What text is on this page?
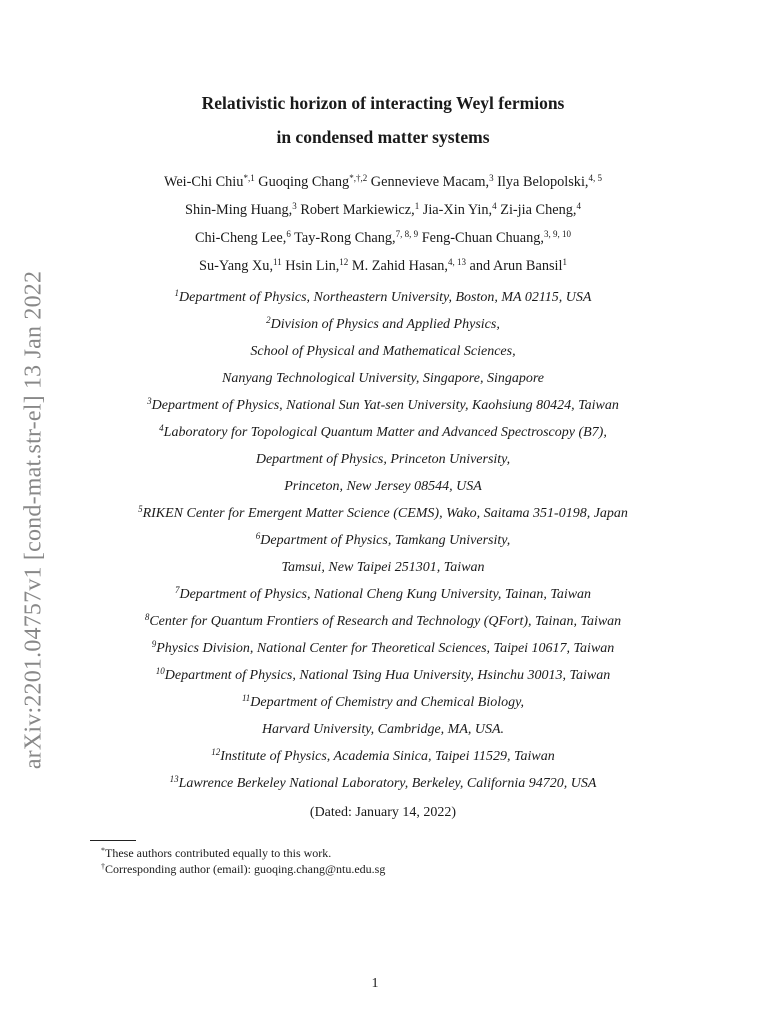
arXiv:2201.04757v1 [cond-mat.str-el] 13 Jan 2022
Relativistic horizon of interacting Weyl fermions
in condensed matter systems
Wei-Chi Chiu$^{*,1}$ Guoqing Chang$^{*,\dagger,2}$ Gennevieve Macam,$^3$ Ilya Belopolski,$^{4, 5}$
Shin-Ming Huang,$^3$ Robert Markiewicz,$^1$ Jia-Xin Yin,$^4$ Zi-jia Cheng,$^4$
Chi-Cheng Lee,$^6$ Tay-Rong Chang,$^{7, 8, 9}$ Feng-Chuan Chuang,$^{3, 9, 10}$
Su-Yang Xu,$^{11}$ Hsin Lin,$^{12}$ M. Zahid Hasan,$^{4, 13}$ and Arun Bansil$^1$
$^1$Department of Physics, Northeastern University, Boston, MA 02115, USA
$^2$Division of Physics and Applied Physics,
School of Physical and Mathematical Sciences,
Nanyang Technological University, Singapore, Singapore
$^3$Department of Physics, National Sun Yat-sen University, Kaohsiung 80424, Taiwan
$^4$Laboratory for Topological Quantum Matter and Advanced Spectroscopy (B7),
Department of Physics, Princeton University,
Princeton, New Jersey 08544, USA
$^5$RIKEN Center for Emergent Matter Science (CEMS), Wako, Saitama 351-0198, Japan
$^6$Department of Physics, Tamkang University,
Tamsui, New Taipei 251301, Taiwan
$^7$Department of Physics, National Cheng Kung University, Tainan, Taiwan
$^8$Center for Quantum Frontiers of Research and Technology (QFort), Tainan, Taiwan
$^9$Physics Division, National Center for Theoretical Sciences, Taipei 10617, Taiwan
$^{10}$Department of Physics, National Tsing Hua University, Hsinchu 30013, Taiwan
$^{11}$Department of Chemistry and Chemical Biology,
Harvard University, Cambridge, MA, USA.
$^{12}$Institute of Physics, Academia Sinica, Taipei 11529, Taiwan
$^{13}$Lawrence Berkeley National Laboratory, Berkeley, California 94720, USA
(Dated: January 14, 2022)
*These authors contributed equally to this work.
†Corresponding author (email): guoqing.chang@ntu.edu.sg
1
